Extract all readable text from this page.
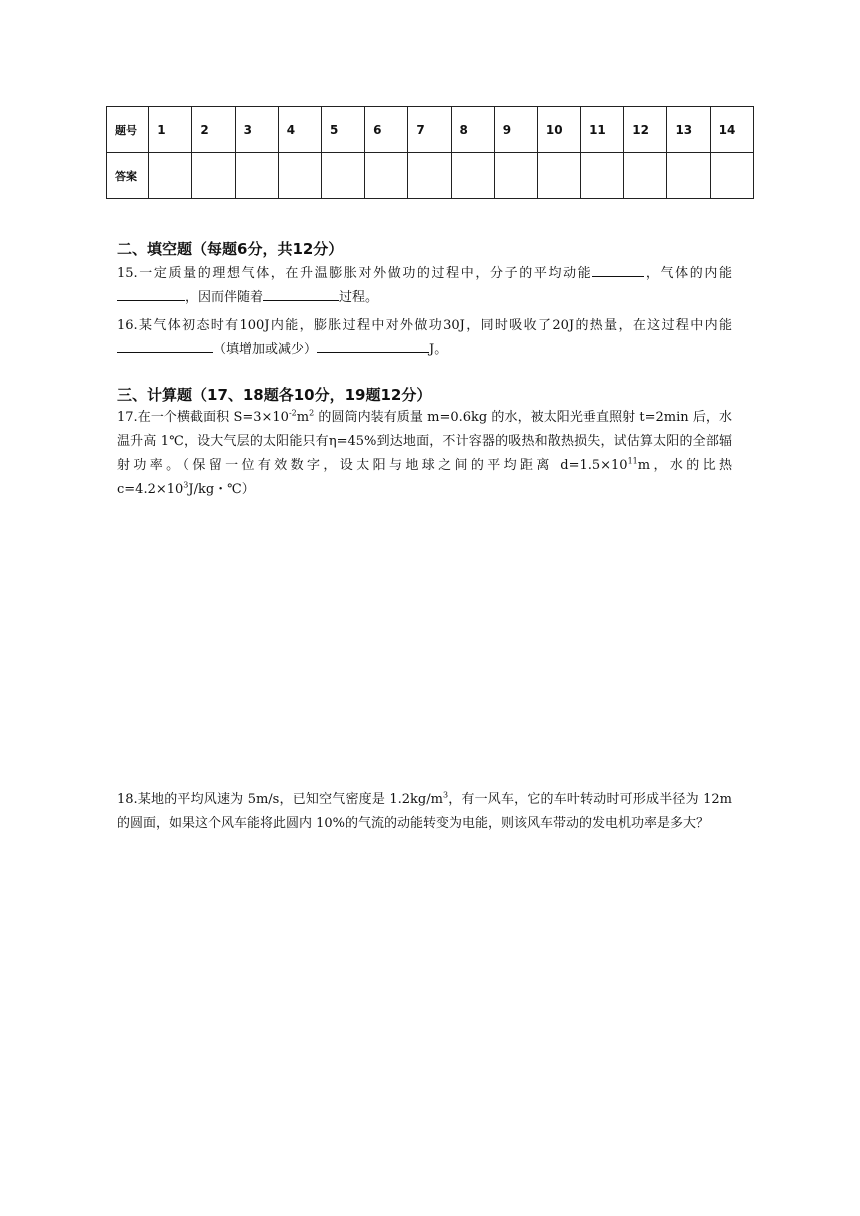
题号	1	2	3	4	5	6	7	8	9	10	11	12	13	14
答案														
二、填空题（每题6分，共12分）

15.一定质量的理想气体，在升温膨胀对外做功的过程中，分子的平均动能	，气体的内能，因而伴随着	过程。

16.某气体初态时有100J内能，膨胀过程中对外做功30J，同时吸收了20J的热量，在这过程中内能（填增加或减少）	J。

三、计算题（17、18题各10分，19题12分）

17.在一个横截面积 $S=3\times 10^{-2}m^2$ 的圆筒内装有质量 m=0.6kg 的水，被太阳光垂直照射 t=2min 后，水温升高 1℃，设大气层的太阳能只有η=45%到达地面，不计容器的吸热和散热损失，试估算太阳的全部辐射功率。（保留一位有效数字，设太阳与地球之间的平均距离 $d=1.5\times 10^{11}m$，水的比热 $c=4.2\times 10^3J/kg$・℃）

18.某地的平均风速为 5m/s，已知空气密度是 $1.2kg/m^3$，有一风车，它的车叶转动时可形成半径为 12m 的圆面，如果这个风车能将此圆内 10%的气流的动能转变为电能，则该风车带动的发电机功率是多大？
